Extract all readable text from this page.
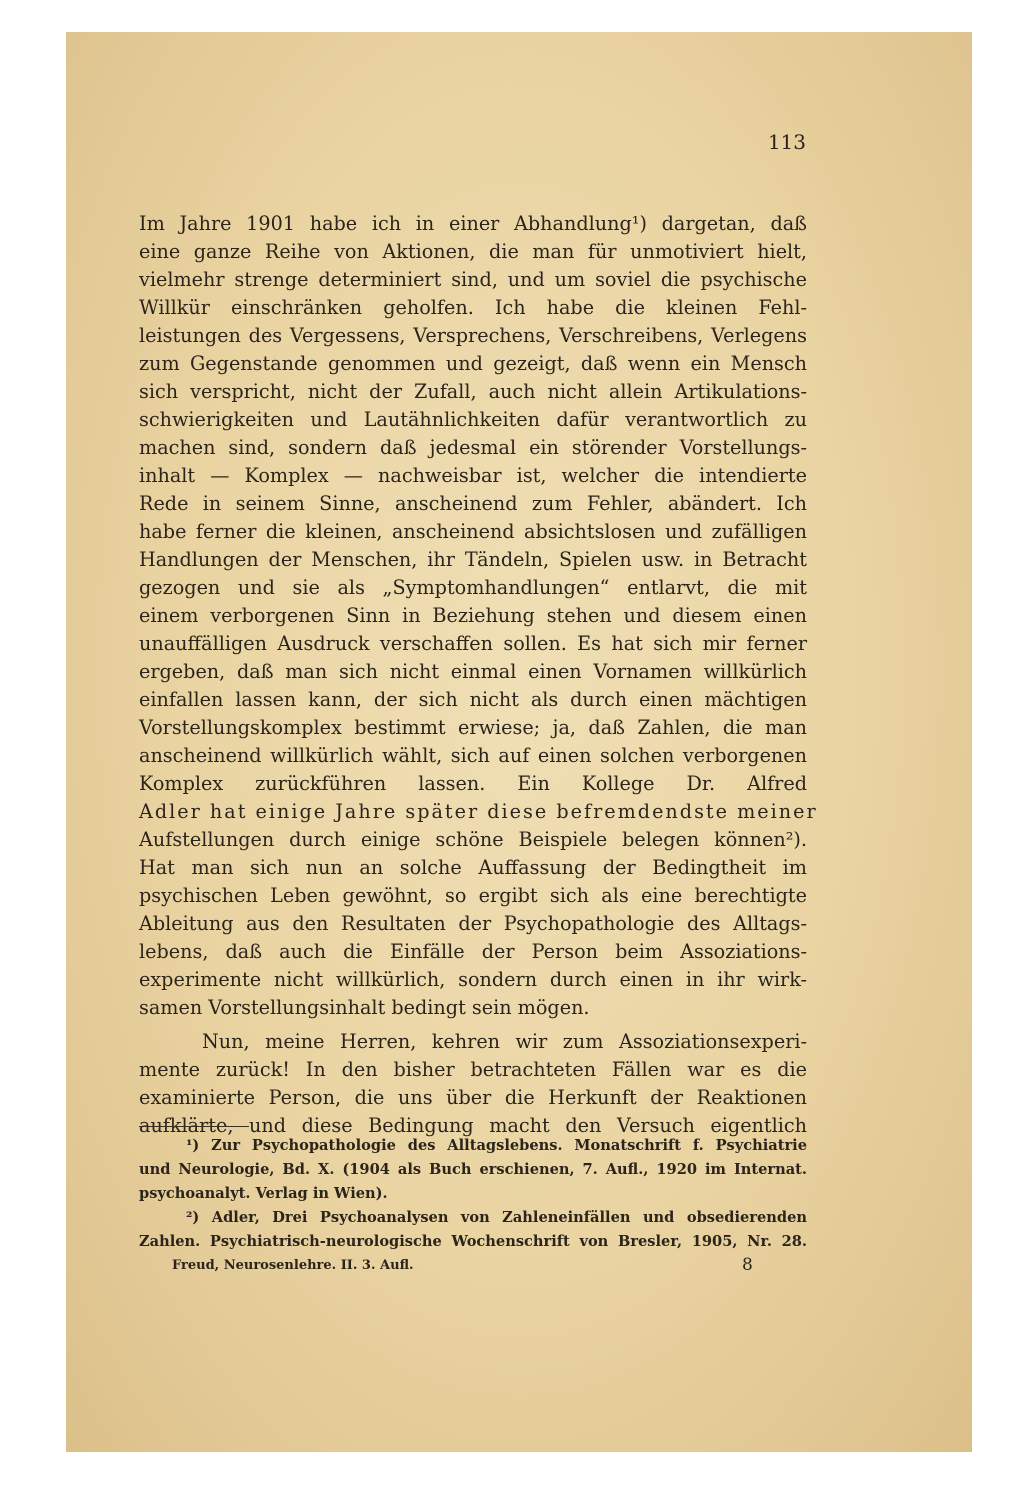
113
Im Jahre 1901 habe ich in einer Abhandlung¹) dargetan, daß
eine ganze Reihe von Aktionen, die man für unmotiviert hielt,
vielmehr strenge determiniert sind, und um soviel die psychische
Willkür einschränken geholfen. Ich habe die kleinen Fehl-
leistungen des Vergessens, Versprechens, Verschreibens, Verlegens
zum Gegenstande genommen und gezeigt, daß wenn ein Mensch
sich verspricht, nicht der Zufall, auch nicht allein Artikulations-
schwierigkeiten und Lautähnlichkeiten dafür verantwortlich zu
machen sind, sondern daß jedesmal ein störender Vorstellungs-
inhalt — Komplex — nachweisbar ist, welcher die intendierte
Rede in seinem Sinne, anscheinend zum Fehler, abändert. Ich
habe ferner die kleinen, anscheinend absichtslosen und zufälligen
Handlungen der Menschen, ihr Tändeln, Spielen usw. in Betracht
gezogen und sie als „Symptomhandlungen“ entlarvt, die mit
einem verborgenen Sinn in Beziehung stehen und diesem einen
unauffälligen Ausdruck verschaffen sollen. Es hat sich mir ferner
ergeben, daß man sich nicht einmal einen Vornamen willkürlich
einfallen lassen kann, der sich nicht als durch einen mächtigen
Vorstellungskomplex bestimmt erwiese; ja, daß Zahlen, die man
anscheinend willkürlich wählt, sich auf einen solchen verborgenen
Komplex zurückführen lassen. Ein Kollege Dr. Alfred
Adler hat einige Jahre später diese befremdendste meiner
Aufstellungen durch einige schöne Beispiele belegen können²).
Hat man sich nun an solche Auffassung der Bedingtheit im
psychischen Leben gewöhnt, so ergibt sich als eine berechtigte
Ableitung aus den Resultaten der Psychopathologie des Alltags-
lebens, daß auch die Einfälle der Person beim Assoziations-
experimente nicht willkürlich, sondern durch einen in ihr wirk-
samen Vorstellungsinhalt bedingt sein mögen.
Nun, meine Herren, kehren wir zum Assoziationsexperi-
mente zurück! In den bisher betrachteten Fällen war es die
examinierte Person, die uns über die Herkunft der Reaktionen
aufklärte, und diese Bedingung macht den Versuch eigentlich
¹) Zur Psychopathologie des Alltagslebens. Monatschrift f. Psychiatrie
und Neurologie, Bd. X. (1904 als Buch erschienen, 7. Aufl., 1920 im Internat.
psychoanalyt. Verlag in Wien).
²) Adler, Drei Psychoanalysen von Zahleneinfällen und obsedierenden
Zahlen. Psychiatrisch-neurologische Wochenschrift von Bresler, 1905, Nr. 28.
Freud, Neurosenlehre. II. 3. Aufl.	8
